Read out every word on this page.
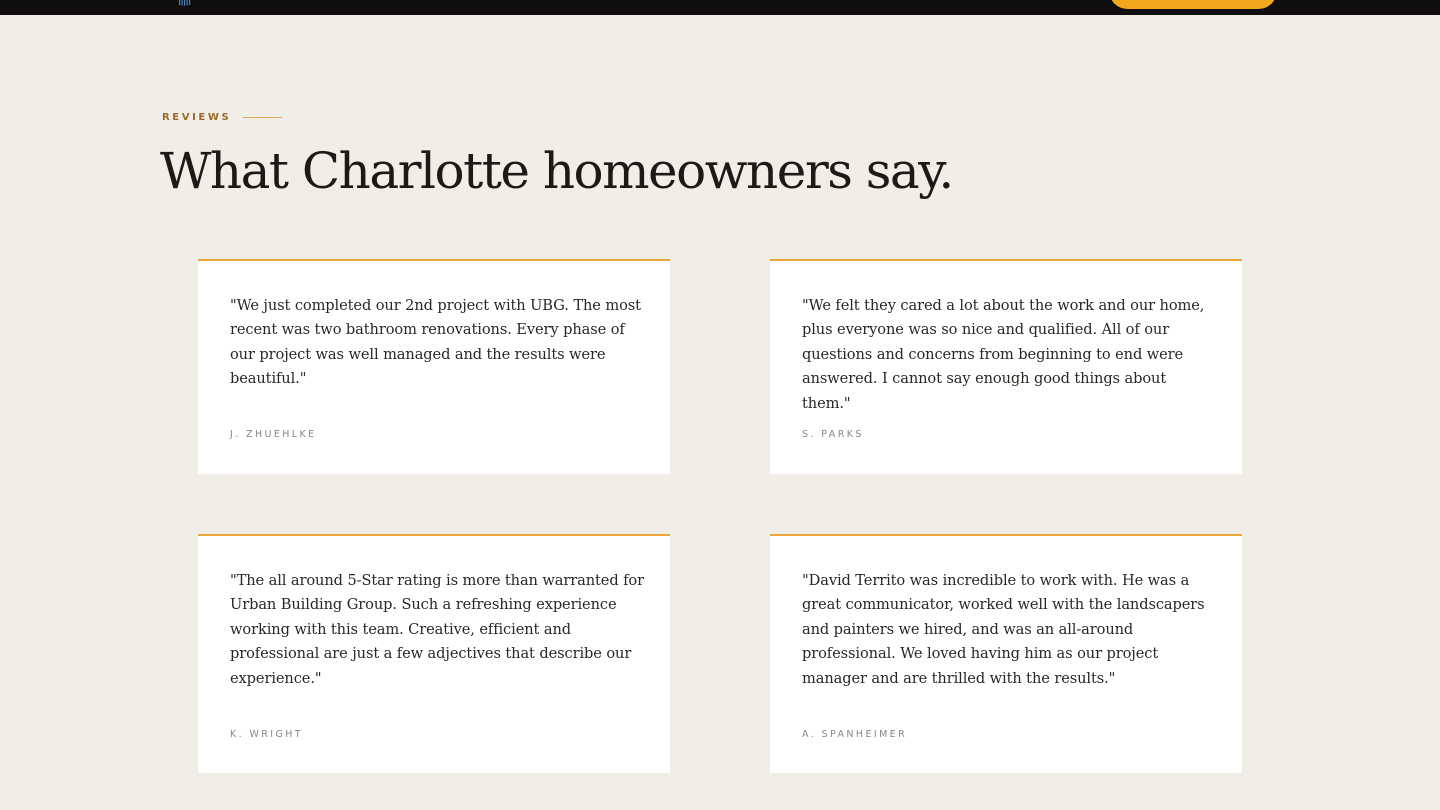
REVIEWS
What Charlotte homeowners say.

"We just completed our 2nd project with UBG. The most recent was two bathroom renovations. Every phase of our project was well managed and the results were beautiful."

J. ZHUEHLKE

"We felt they cared a lot about the work and our home, plus everyone was so nice and qualified. All of our questions and concerns from beginning to end were answered. I cannot say enough good things about them."

S. PARKS

"The all around 5-Star rating is more than warranted for Urban Building Group. Such a refreshing experience working with this team. Creative, efficient and professional are just a few adjectives that describe our experience."

K. WRIGHT

"David Territo was incredible to work with. He was a great communicator, worked well with the landscapers and painters we hired, and was an all-around professional. We loved having him as our project manager and are thrilled with the results."

A. SPANHEIMER
